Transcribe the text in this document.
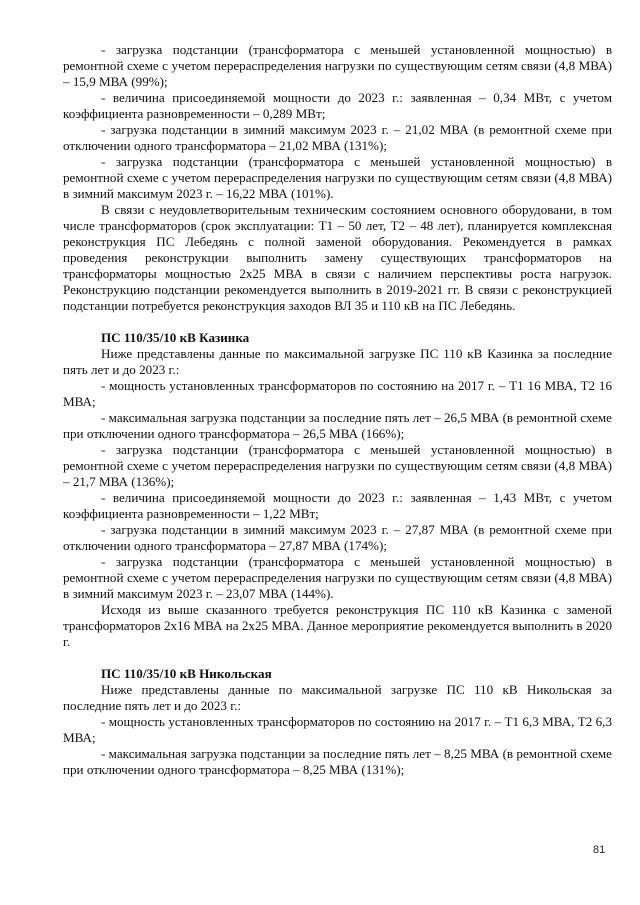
- загрузка подстанции (трансформатора с меньшей установленной мощностью) в ремонтной схеме с учетом перераспределения нагрузки по существующим сетям связи (4,8 МВА) – 15,9 МВА (99%);

- величина присоединяемой мощности до 2023 г.: заявленная – 0,34 МВт, с учетом коэффициента разновременности – 0,289 МВт;

- загрузка подстанции в зимний максимум 2023 г. – 21,02 МВА (в ремонтной схеме при отключении одного трансформатора – 21,02 МВА (131%);

- загрузка подстанции (трансформатора с меньшей установленной мощностью) в ремонтной схеме с учетом перераспределения нагрузки по существующим сетям связи (4,8 МВА) в зимний максимум 2023 г. – 16,22 МВА (101%).

В связи с неудовлетворительным техническим состоянием основного оборудовани, в том числе трансформаторов (срок эксплуатации: Т1 – 50 лет, Т2 – 48 лет), планируется комплексная реконструкция ПС Лебедянь с полной заменой оборудования. Рекомендуется в рамках проведения реконструкции выполнить замену существующих трансформаторов на трансформаторы мощностью 2х25 МВА в связи с наличием перспективы роста нагрузок. Реконструкцию подстанции рекомендуется выполнить в 2019-2021 гг. В связи с реконструкцией подстанции потребуется реконструкция заходов ВЛ 35 и 110 кВ на ПС Лебедянь.

ПС 110/35/10 кВ Казинка

Ниже представлены данные по максимальной загрузке ПС 110 кВ Казинка за последние пять лет и до 2023 г.:

- мощность установленных трансформаторов по состоянию на 2017 г. – Т1 16 МВА, Т2 16 МВА;

- максимальная загрузка подстанции за последние пять лет – 26,5 МВА (в ремонтной схеме при отключении одного трансформатора – 26,5 МВА (166%);

- загрузка подстанции (трансформатора с меньшей установленной мощностью) в ремонтной схеме с учетом перераспределения нагрузки по существующим сетям связи (4,8 МВА) – 21,7 МВА (136%);

- величина присоединяемой мощности до 2023 г.: заявленная – 1,43 МВт, с учетом коэффициента разновременности – 1,22 МВт;

- загрузка подстанции в зимний максимум 2023 г. – 27,87 МВА (в ремонтной схеме при отключении одного трансформатора – 27,87 МВА (174%);

- загрузка подстанции (трансформатора с меньшей установленной мощностью) в ремонтной схеме с учетом перераспределения нагрузки по существующим сетям связи (4,8 МВА) в зимний максимум 2023 г. – 23,07 МВА (144%).

Исходя из выше сказанного требуется реконструкция ПС 110 кВ Казинка с заменой трансформаторов 2х16 МВА на 2х25 МВА. Данное мероприятие рекомендуется выполнить в 2020 г.

ПС 110/35/10 кВ Никольская

Ниже представлены данные по максимальной загрузке ПС 110 кВ Никольская за последние пять лет и до 2023 г.:

- мощность установленных трансформаторов по состоянию на 2017 г. – Т1 6,3 МВА, Т2 6,3 МВА;

- максимальная загрузка подстанции за последние пять лет – 8,25 МВА (в ремонтной схеме при отключении одного трансформатора – 8,25 МВА (131%);

81
